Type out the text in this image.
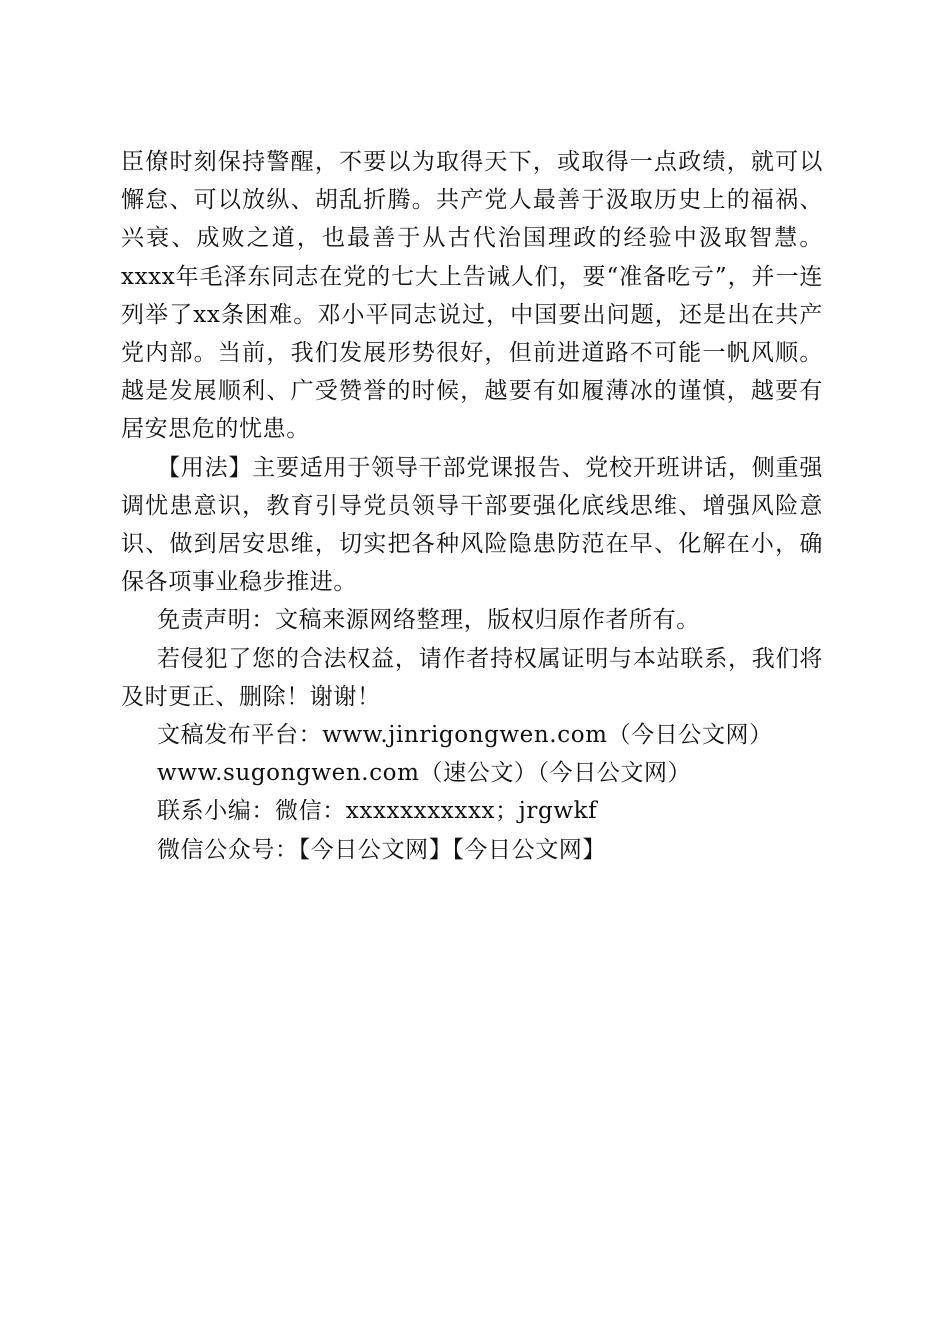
臣僚时刻保持警醒，不要以为取得天下，或取得一点政绩，就可以懈怠、可以放纵、胡乱折腾。共产党人最善于汲取历史上的福祸、兴衰、成败之道，也最善于从古代治国理政的经验中汲取智慧。xxxx年毛泽东同志在党的七大上告诫人们，要“准备吃亏”，并一连列举了xx条困难。邓小平同志说过，中国要出问题，还是出在共产党内部。当前，我们发展形势很好，但前进道路不可能一帆风顺。越是发展顺利、广受赞誉的时候，越要有如履薄冰的谨慎，越要有居安思危的忧患。

【用法】主要适用于领导干部党课报告、党校开班讲话，侧重强调忧患意识，教育引导党员领导干部要强化底线思维、增强风险意识、做到居安思维，切实把各种风险隐患防范在早、化解在小，确保各项事业稳步推进。

免责声明：文稿来源网络整理，版权归原作者所有。

若侵犯了您的合法权益，请作者持权属证明与本站联系，我们将及时更正、删除！谢谢！

文稿发布平台：www.jinrigongwen.com（今日公文网）
www.sugongwen.com（速公文）（今日公文网）
联系小编：微信：xxxxxxxxxxx；jrgwkf
微信公众号：【今日公文网】【今日公文网】
